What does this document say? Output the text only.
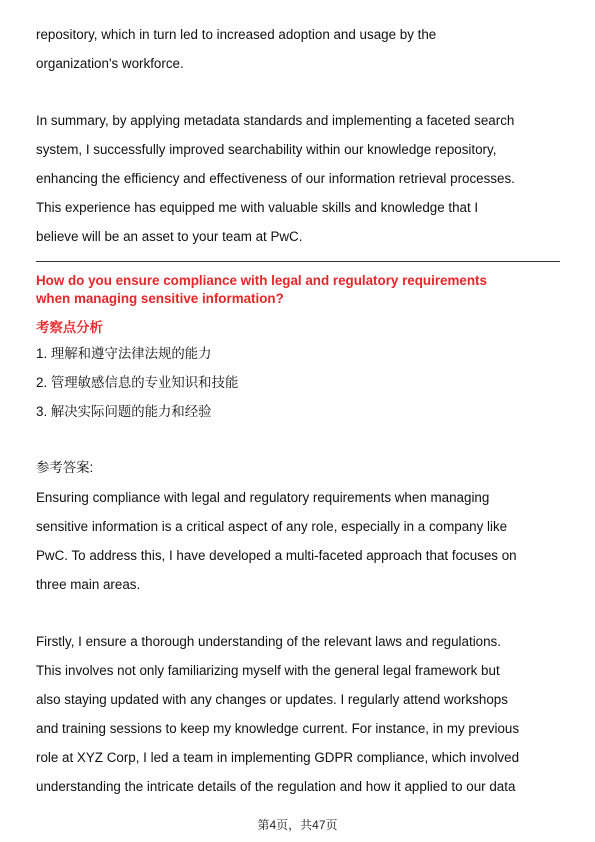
repository, which in turn led to increased adoption and usage by the
organization's workforce.
In summary, by applying metadata standards and implementing a faceted search
system, I successfully improved searchability within our knowledge repository,
enhancing the efficiency and effectiveness of our information retrieval processes.
This experience has equipped me with valuable skills and knowledge that I
believe will be an asset to your team at PwC.
How do you ensure compliance with legal and regulatory requirements
when managing sensitive information?
考察点分析
1. 理解和遵守法律法规的能力
2. 管理敏感信息的专业知识和技能
3. 解决实际问题的能力和经验
参考答案:
Ensuring compliance with legal and regulatory requirements when managing
sensitive information is a critical aspect of any role, especially in a company like
PwC. To address this, I have developed a multi-faceted approach that focuses on
three main areas.
Firstly, I ensure a thorough understanding of the relevant laws and regulations.
This involves not only familiarizing myself with the general legal framework but
also staying updated with any changes or updates. I regularly attend workshops
and training sessions to keep my knowledge current. For instance, in my previous
role at XYZ Corp, I led a team in implementing GDPR compliance, which involved
understanding the intricate details of the regulation and how it applied to our data
第4页，共47页
